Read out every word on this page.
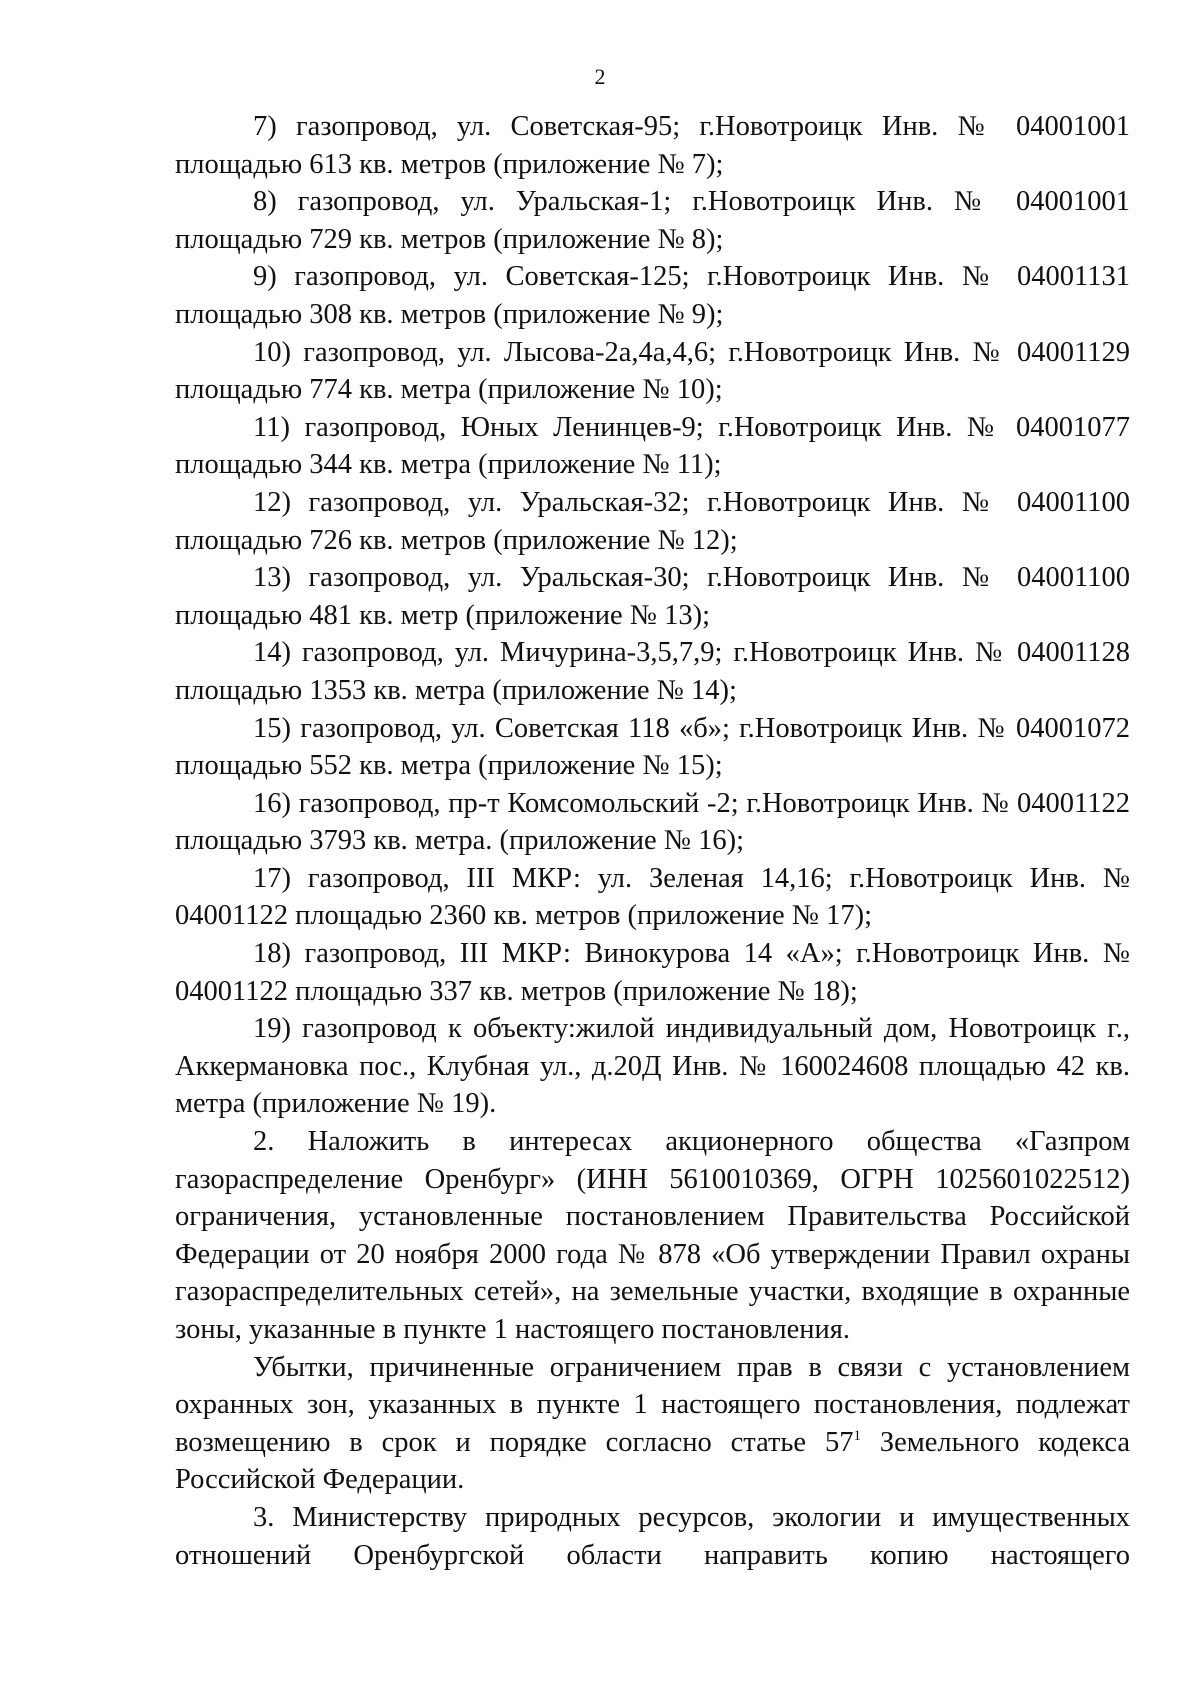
2

7) газопровод, ул. Советская-95; г.Новотроицк Инв. № 04001001 площадью 613 кв. метров (приложение № 7);

8) газопровод, ул. Уральская-1; г.Новотроицк Инв. № 04001001 площадью 729 кв. метров (приложение № 8);

9) газопровод, ул. Советская-125; г.Новотроицк Инв. № 04001131 площадью 308 кв. метров (приложение № 9);

10) газопровод, ул. Лысова-2а,4а,4,6; г.Новотроицк Инв. № 04001129 площадью 774 кв. метра (приложение № 10);

11) газопровод, Юных Ленинцев-9; г.Новотроицк Инв. № 04001077 площадью 344 кв. метра (приложение № 11);

12) газопровод, ул. Уральская-32; г.Новотроицк Инв. № 04001100 площадью 726 кв. метров (приложение № 12);

13) газопровод, ул. Уральская-30; г.Новотроицк Инв. № 04001100 площадью 481 кв. метр (приложение № 13);

14) газопровод, ул. Мичурина-3,5,7,9; г.Новотроицк Инв. № 04001128 площадью 1353 кв. метра (приложение № 14);

15) газопровод, ул. Советская 118 «б»; г.Новотроицк Инв. № 04001072 площадью 552 кв. метра (приложение № 15);

16) газопровод, пр-т Комсомольский -2; г.Новотроицк Инв. № 04001122 площадью 3793 кв. метра. (приложение № 16);

17) газопровод, III МКР: ул. Зеленая 14,16; г.Новотроицк Инв. № 04001122 площадью 2360 кв. метров (приложение № 17);

18) газопровод, III МКР: Винокурова 14 «А»; г.Новотроицк Инв. № 04001122 площадью 337 кв. метров (приложение № 18);

19) газопровод к объекту:жилой индивидуальный дом, Новотроицк г., Аккермановка пос., Клубная ул., д.20Д Инв. № 160024608 площадью 42 кв. метра (приложение № 19).

2. Наложить в интересах акционерного общества «Газпром газораспределение Оренбург» (ИНН 5610010369, ОГРН 1025601022512) ограничения, установленные постановлением Правительства Российской Федерации от 20 ноября 2000 года № 878 «Об утверждении Правил охраны газораспределительных сетей», на земельные участки, входящие в охранные зоны, указанные в пункте 1 настоящего постановления.

Убытки, причиненные ограничением прав в связи с установлением охранных зон, указанных в пункте 1 настоящего постановления, подлежат возмещению в срок и порядке согласно статье $57^1$ Земельного кодекса Российской Федерации.

3. Министерству природных ресурсов, экологии и имущественных отношений Оренбургской области направить копию настоящего
